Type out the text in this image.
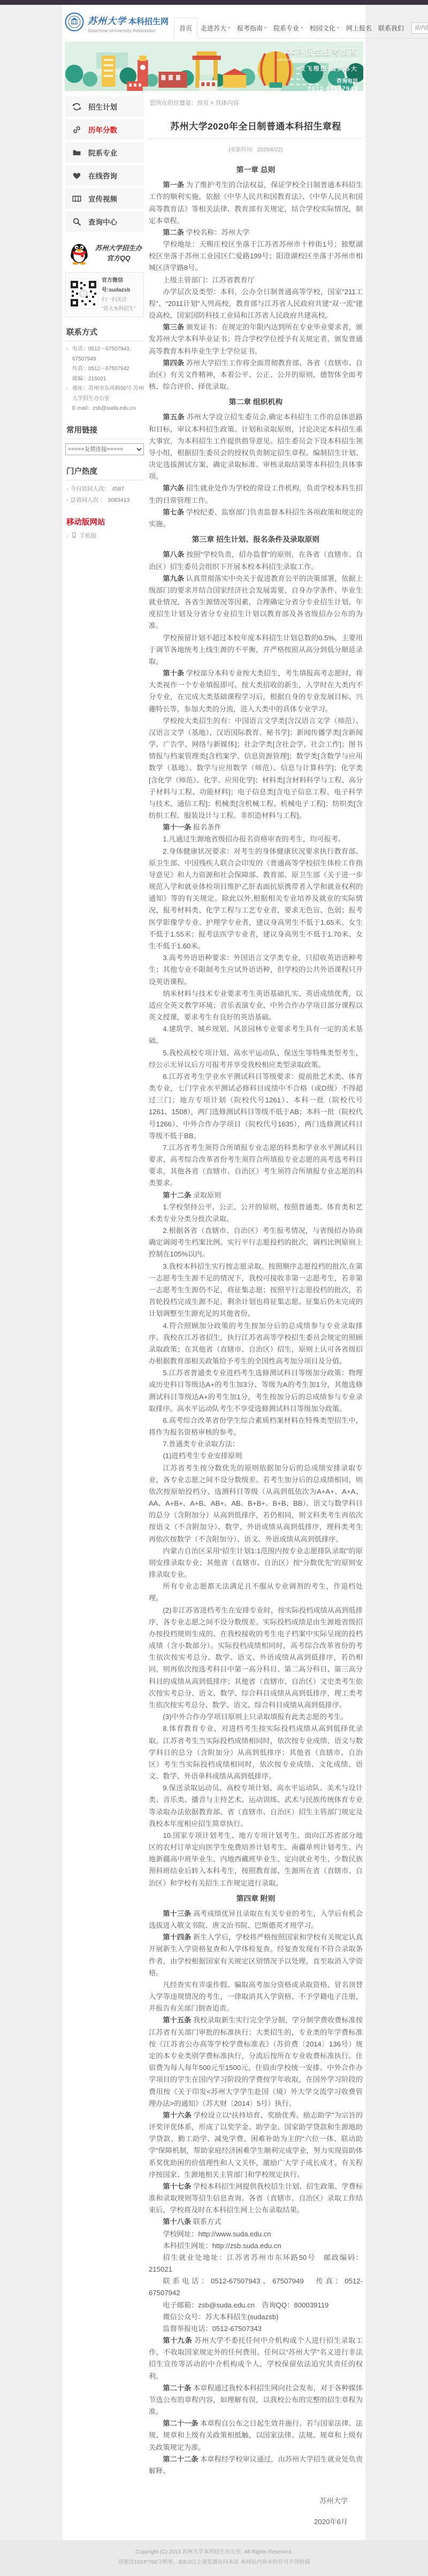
苏州大学 本科招生网
Soochow University Admission	首页 走进苏大 ▼ 报考指南 ▼ 院系专业 ▼ 校园文化 ▼ 网上报名 联系我们
站内搜索
本科招生报考指南
UNDERGRADUATE ADMISSION BROCHURE
放飞理想·圆梦苏大
咨询电话
0512-67507943
招生计划
历年分数
院系专业
在线咨询
宣传视频
查询中心
苏州大学招生办
官方QQ
官方微信号:sudazsb
扫一扫关注
“苏大本科招生”
联系方式
› 电话：0512－67507943，67507949
传真：0512－67507942
邮编：215021
› 地址：苏州市东环路50号 苏州大学招生办公室
E-mail：zsb@suda.edu.cn
常用链接
=====友情连接=====
门户热度
› 今日访问人次： 4587
› 总访问人次 ： 3083413
移动版网站
› 手机版
您所在的位置是：首页 > 具体内容
苏州大学2020年全日制普通本科招生章程
(更新时间：2020/6/22)

第一章 总则

第一条 为了维护考生的合法权益，保证学校全日制普通本科招生工作的顺利实施，依据《中华人民共和国教育法》、《中华人民共和国高等教育法》等相关法律、教育部有关规定，结合学校实际情况，制定本章程。

第二条 学校名称：苏州大学

学校地址：天赐庄校区坐落于江苏省苏州市十梓街1号；独墅湖校区坐落于苏州工业园区仁爱路199号；阳澄湖校区坐落于苏州市相城区济学路8号。

上级主管部门：江苏省教育厅

办学层次及类型：本科，公办全日制普通高等学校，国家“211工程”、“2011计划”入列高校，教育部与江苏省人民政府共建“双一流”建设高校、国家国防科技工业局和江苏省人民政府共建高校。

第三条 颁发证书：在规定的年限内达到所在专业毕业要求者，颁发苏州大学本科毕业证书；符合学校学位授予有关规定者，颁发普通高等教育本科毕业生学士学位证书。

第四条 苏州大学招生工作将全面贯彻教育部、各省（直辖市、自治区）有关文件精神，本着公平、公正、公开的原则，德智体全面考核、综合评价、择优录取。

第二章 组织机构

第五条 苏州大学设立招生委员会,确定本科招生工作的总体思路和目标，审议本科招生政策、计划和录取原则，讨论决定本科招生重大事宜，为本科招生工作提供指导意见。招生委员会下设本科招生领导小组，根据招生委员会的授权负责制定招生章程、编制招生计划、决定选拔测试方案、确定录取标准、审核录取结果等本科招生具体事项。

第六条 招生就业处作为学校的常设工作机构，负责学校本科生招生的日常管理工作。

第七条 学校纪委、监察部门负责监督本科招生各项政策和规定的实施。

第三章 招生计划、报名条件及录取原则

第八条 按照“学校负责，招办监督”的原则，在各省（直辖市、自治区）招生委员会组织下开展本校本科招生录取工作。

第九条 认真贯彻落实中央关于促进教育公平的决策部署，依据上级部门的要求并结合国家经济社会发展需要、自身办学条件、毕业生就业情况、各省生源情况等因素，合理确定分省分专业招生计划。年度招生计划及分省分专业招生计划以教育部及各省级招办公布的为准。

学校预留计划不超过本校年度本科招生计划总数的0.5%，主要用于调节各地统考上线生源的不平衡，并严格按照从高分到低分顺延录取。

第十条 学校部分本科专业按大类招生，考生填报高考志愿时，将大类视作一个专业填报即可。按大类招收的新生，入学时在大类内不分专业，在完成大类基础课程学习后，根据自身的专业发展目标、兴趣特长等，参加大类的分流，进入大类中的具体专业学习。

学校按大类招生的有：中国语言文学类[含汉语言文学（师范）、汉语言文学（基地）、汉语国际教育、秘书学]；新闻传播学类[含新闻学、广告学、网络与新媒体]；社会学类[含社会学、社会工作]；图书情报与档案管理类[含档案学、信息资源管理]；数学类[含数学与应用数学（基地）、数学与应用数学（师范）、信息与计算科学]；化学类[含化学（师范）、化学、应用化学]；材料类[含材料科学与工程、高分子材料与工程、功能材料]；电子信息类[含电子信息工程、电子科学与技术、通信工程]；机械类[含机械工程、机械电子工程]；纺织类[含纺织工程、服装设计与工程、非织造材料与工程]。

第十一条 报名条件

1.凡通过生源地省级招办报名资格审查的考生，均可报考。

2.身体健康状况要求：对考生的身体健康状况要求执行教育部、原卫生部、中国残疾人联合会印发的《普通高等学校招生体检工作指导意见》和人力资源和社会保障部、教育部、原卫生部《关于进一步规范入学和就业体检项目维护乙肝表面抗原携带者入学和就业权利的通知》等的有关规定。除此以外,根据相关专业培养及就业的实际情况，报考材料类、化学工程与工艺专业者，要求无色盲、色弱；报考医学影像学专业、护理学专业者，建议身高男生不低于1.65米、女生不低于1.55米；报考法医学专业者，建议身高男生不低于1.70米、女生不低于1.60米。

3.高考外语语种要求：外国语言文学类专业，只招收英语语种考生；其他专业不限制考生应试外语语种，但学校的公共外语课程只开设英语课程。

纳米材料与技术专业要求考生英语基础扎实、英语成绩优秀，以适应全英文教学环境；音乐表演专业、中外合作办学项目部分课程以英文授课，要求考生有良好的英语基础。

4.建筑学、城乡规划、风景园林专业要求考生具有一定的美术基础。

5.我校高校专项计划、高水平运动队、保送生等特殊类型考生，经公示无异议后方可报考并享受我校相应类型录取政策。

6.江苏省考生学业水平测试科目等级要求：提前批艺术类、体育类专业，七门学业水平测试必修科目成绩中不合格（或D级）不得超过三门；地方专项计划（院校代号1261）、本科一批（院校代号1261、1508），两门选修测试科目等级不低于AB；本科一批（院校代号1266）、中外合作办学项目（院校代号1635），两门选修测试科目等级不低于BB。

7.江苏省考生须符合所填报专业志愿的科类和学业水平测试科目要求，高考综合改革省份考生须符合所填报专业志愿的高考选考科目要求，其他各省（直辖市、自治区）考生须符合所填报专业志愿的科类要求。

第十二条 录取原则

1.学校坚持公平、公正、公开的原则，按照普通类、体育类和艺术类专业分类分批次录取。

2.根据各省（直辖市、自治区）考生报考情况，与省级招办协商确定调阅考生档案比例。实行平行志愿投档的批次，调档比例原则上控制在105%以内。

3.我校本科招生实行按志愿录取。按照顺序志愿投档的批次,在第一志愿考生生源不足的情况下，我校可接收非第一志愿考生，若非第一志愿考生生源仍不足，将征集志愿；按照平行志愿投档的批次，若首轮投档完成生源不足，剩余计划也将征集志愿。征集后仍未完成的计划调整至生源充足的其他省份。

4.符合照顾加分政策的考生按加分后的总成绩参与专业录取排序。我校在江苏省招生，执行江苏省高等学校招生委员会规定的照顾录取政策；在其他省（直辖市、自治区）招生，原则上认可各省级招办根据教育部相关政策给予考生的全国性高考加分项目及分值。

5.江苏省普通类专业进档考生选修测试科目等级加分政策：物理或历史科目等级达A+的考生加3分、等级为A的考生加1分，其他选修测试科目等级达A+的考生加1分，考生按加分后的总成绩参与专业录取排序。高水平运动队考生不享受选修测试科目等级加分政策。

6.高考综合改革省份学生综合素质档案材料在特殊类型招生中，将作为报名资格审核的参考。

7.普通类专业录取方法：

(1)进档考生专业安排原则

江苏省考生按分数优先的原则依据加分后的总成绩安排录取专业，各专业志愿之间不设分数级差。若考生加分后的总成绩相同，则依次按原始投档分、选测科目等级（从高到低依次为A+A+、A+A、AA、A+B+、A+B、AB+、AB、B+B+、B+B、BB）、语文与数学科目的总分（含附加分）从高到低排序，若仍相同，则文科类考生再依次按语文（不含附加分）、数学、外语成绩从高到低排序，理科类考生再依次按数学（不含附加分）、语文、外语成绩从高到低排序。

内蒙古自治区采用“招生计划1:1范围内按专业志愿排队录取”的原则安排录取专业；其他省（直辖市、自治区）按“分数优先”的原则安排录取专业。

所有专业志愿都无法满足且不服从专业调剂的考生，作退档处理。

(2)非江苏省进档考生在安排专业时，按实际投档成绩从高到低排序，各专业志愿之间不设分数级差。实际投档成绩是由生源地省级招办按投档规则生成的、在我校接收的考生电子档案中实际呈现的投档成绩（含小数部分）。实际投档成绩相同时，高考综合改革省份的考生依次按实考总分、数学、语文、外语成绩从高到低排序，若仍相同，则再依次按选考科目中第一高分科目、第二高分科目、第三高分科目的成绩从高到低排序；其他省（直辖市、自治区）文史类考生依次按实考总分、语文、数学、综合科目成绩从高到低排序，理工类考生依次按实考总分、数学、语文、综合科目成绩从高到低排序。

(3)中外合作办学项目原则上只录取填报有此类志愿的考生。

8.体育教育专业，对进档考生按实际投档成绩从高到低择优录取。江苏省考生当实际投档成绩相同时，依次按专业成绩、语文与数学科目的总分（含附加分）从高到低排序；其他省（直辖市、自治区）考生当实际投档成绩相同时，依次按专业成绩、文化成绩、语文、数学、外语单科成绩从高到低排序。

9.保送录取运动员、高校专项计划、高水平运动队、美术与设计类、音乐类、播音与主持艺术、运动训练、武术与民族传统体育专业等录取办法依据教育部、省（直辖市、自治区）招生主管部门规定及我校本年度相应招生简章执行。

10.国家专项计划考生、地方专项计划考生、面向江苏省部分地区的农村订单定向医学生免费培养计划考生、南疆单列计划考生、内地新疆高中班毕业生、内地西藏班毕业生、定向就业考生、少数民族预科班结业后转入本科考生，按照教育部、生源所在省（直辖市、自治区）和学校有关招生工作规定进行录取。

第四章 附则

第十三条 高考成绩优异且录取在有关专业的考生，入学后有机会选拔进入敬文书院、唐文治书院、巴斯德英才班学习。

第十四条 新生入学后，学校将严格按照国家和学校有关规定认真开展新生入学资格复查和入学体检复查。经复查发现有不符合录取条件者，由学校根据国家有关规定区别情况予以处理，直至取消入学资格。

凡经查实有弄虚作假、骗取高考加分资格或录取资格、冒名顶替入学等违规情况的考生，一律取消其入学资格、不予学籍电子注册，并报告有关部门倒查追责。

第十五条 我校录取新生实行完全学分制，学分制学费收费标准按江苏省有关部门审批的标准执行；大类招生的，专业类的年学费标准按《江苏省公办高等学校学费标准表》（苏价费〔2014〕136号）规定的本专业类别学费标准执行，分流后按所在专业收费标准执行。住宿费为每人每年500元至1500元，住宿由学校统一安排。中外合作办学项目的学生在国内学习阶段的学费按学年收取，在国外学习阶段的费用按《关于印发<苏州大学学生赴国（境）外大学交流学习收费管理办法>的通知》（苏大财〔2014〕5号）执行。

第十六条 学校设立以“扶持培育、奖励优秀、励志助学”为宗旨的评奖评优体系，形成了以奖学金、助学金、国家助学贷款和生源地助学贷款、勤工助学、减免学费、困难补助为主的“六位一体、联动助学”保障机制，帮助家庭经济困难学生顺利完成学业，努力实现资助体系奖优助困的价值理性和人文关怀，激励广大学子成长成才。有关程序按国家、生源地相关主管部门和学校规定执行。

第十七条 学校本科招生网提供我校招生计划、招生政策、学费标准和录取规则等招生信息查询。各省（直辖市、自治区）录取工作结束后，学校将及时在本科招生网上公布录取结果。

第十八条 联系方式

学校网址：http://www.suda.edu.cn

本科招生网址：http://zsb.suda.edu.cn

招生就业处地址：江苏省苏州市东环路50号　邮政编码：215021

联系电话：0512-67507943、67507949　传真：0512-67507942

电子邮箱：zsb@suda.edu.cn　咨询QQ：800039119

微信公众号：苏大本科招生(sudazsb)

监督举报电话：0512-67507343

第十九条 苏州大学不委托任何中介机构或个人进行招生录取工作，不收取国家规定外的任何费用。任何以“苏州大学”名义进行非法招生宣传等活动的中介机构或个人，学校保留依法追究其责任的权利。

第二十条 本章程通过我校本科招生网向社会发布，对于各种媒体节选公布的章程内容，如理解有误，以我校公布的完整的招生章程为准。

第二十一条 本章程自公布之日起生效并施行。若与国家法律、法规、规章和上级有关政策相抵触，以国家法律、法规、规章和上级有关政策规定为准。

第二十二条 本章程经学校审议通过，由苏州大学招生就业处负责解释。

苏州大学
2020年6月
Copyright (C) 2013 苏州大学本科招生办公室. All Rights Reserved.
请使用1024*768分辨率、IE8.0以上浏览器访问本站 本网站内容未经许可不得转载
